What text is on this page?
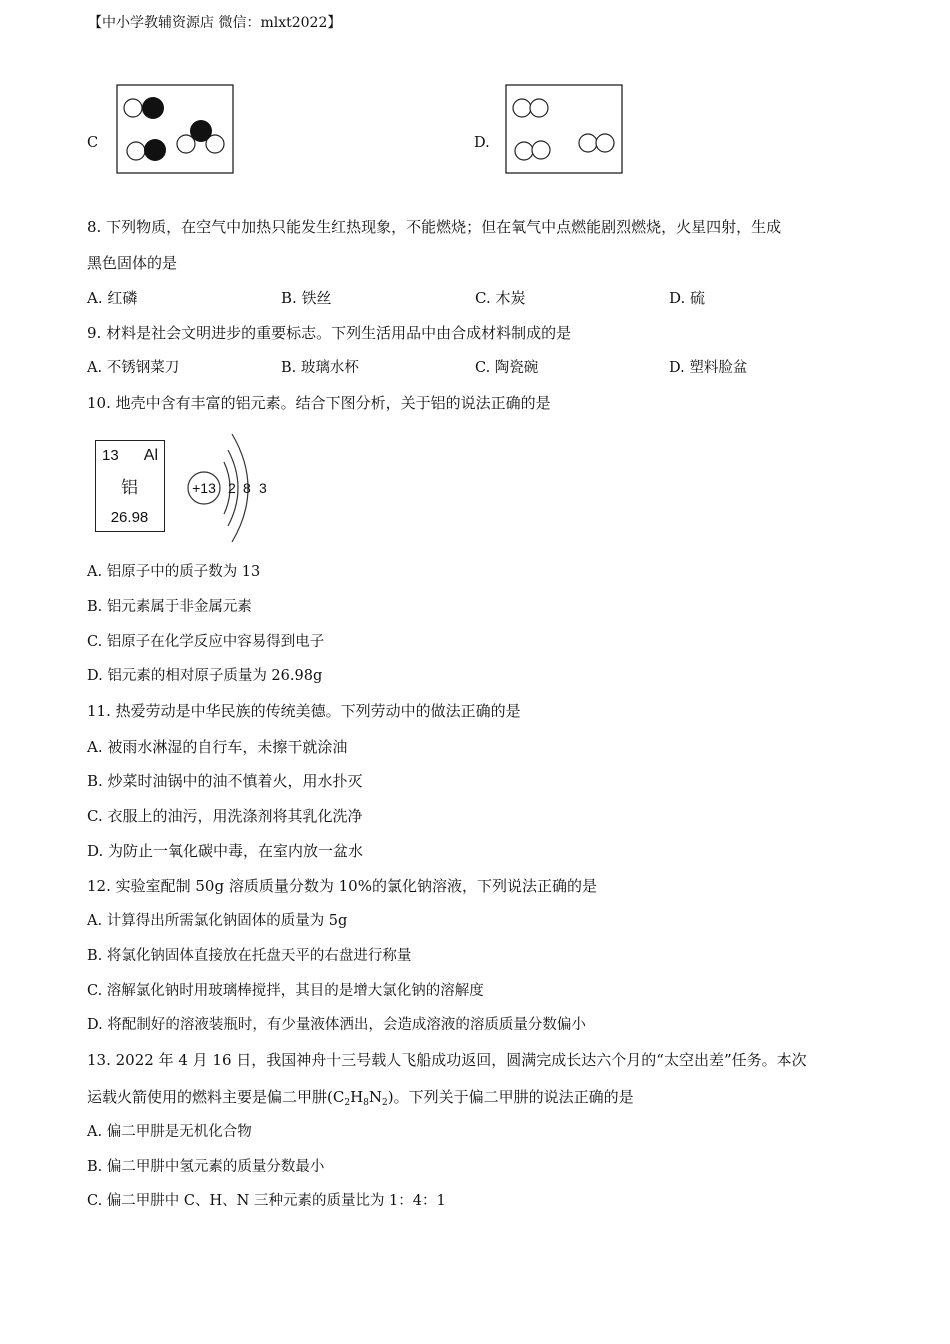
【中小学教辅资源店 微信：mlxt2022】
C	D.
8. 下列物质，在空气中加热只能发生红热现象，不能燃烧；但在氧气中点燃能剧烈燃烧，火星四射，生成
黑色固体的是
A. 红磷	B. 铁丝	C. 木炭	D. 硫
9. 材料是社会文明进步的重要标志。下列生活用品中由合成材料制成的是
A. 不锈钢菜刀	B. 玻璃水杯	C. 陶瓷碗	D. 塑料脸盆
10. 地壳中含有丰富的铝元素。结合下图分析，关于铝的说法正确的是
13 Al
铝
26.98
+13 2 8 3
A. 铝原子中的质子数为 13
B. 铝元素属于非金属元素
C. 铝原子在化学反应中容易得到电子
D. 铝元素的相对原子质量为 26.98g
11. 热爱劳动是中华民族的传统美德。下列劳动中的做法正确的是
A. 被雨水淋湿的自行车，未擦干就涂油
B. 炒菜时油锅中的油不慎着火，用水扑灭
C. 衣服上的油污，用洗涤剂将其乳化洗净
D. 为防止一氧化碳中毒，在室内放一盆水
12. 实验室配制 50g 溶质质量分数为 10%的氯化钠溶液，下列说法正确的是
A. 计算得出所需氯化钠固体的质量为 5g
B. 将氯化钠固体直接放在托盘天平的右盘进行称量
C. 溶解氯化钠时用玻璃棒搅拌，其目的是增大氯化钠的溶解度
D. 将配制好的溶液装瓶时，有少量液体洒出，会造成溶液的溶质质量分数偏小
13. 2022 年 4 月 16 日，我国神舟十三号载人飞船成功返回，圆满完成长达六个月的“太空出差”任务。本次
运载火箭使用的燃料主要是偏二甲肼$(C_2H_8N_2)$。下列关于偏二甲肼的说法正确的是
A. 偏二甲肼是无机化合物
B. 偏二甲肼中氢元素的质量分数最小
C. 偏二甲肼中 C、H、N 三种元素的质量比为 1：4：1
